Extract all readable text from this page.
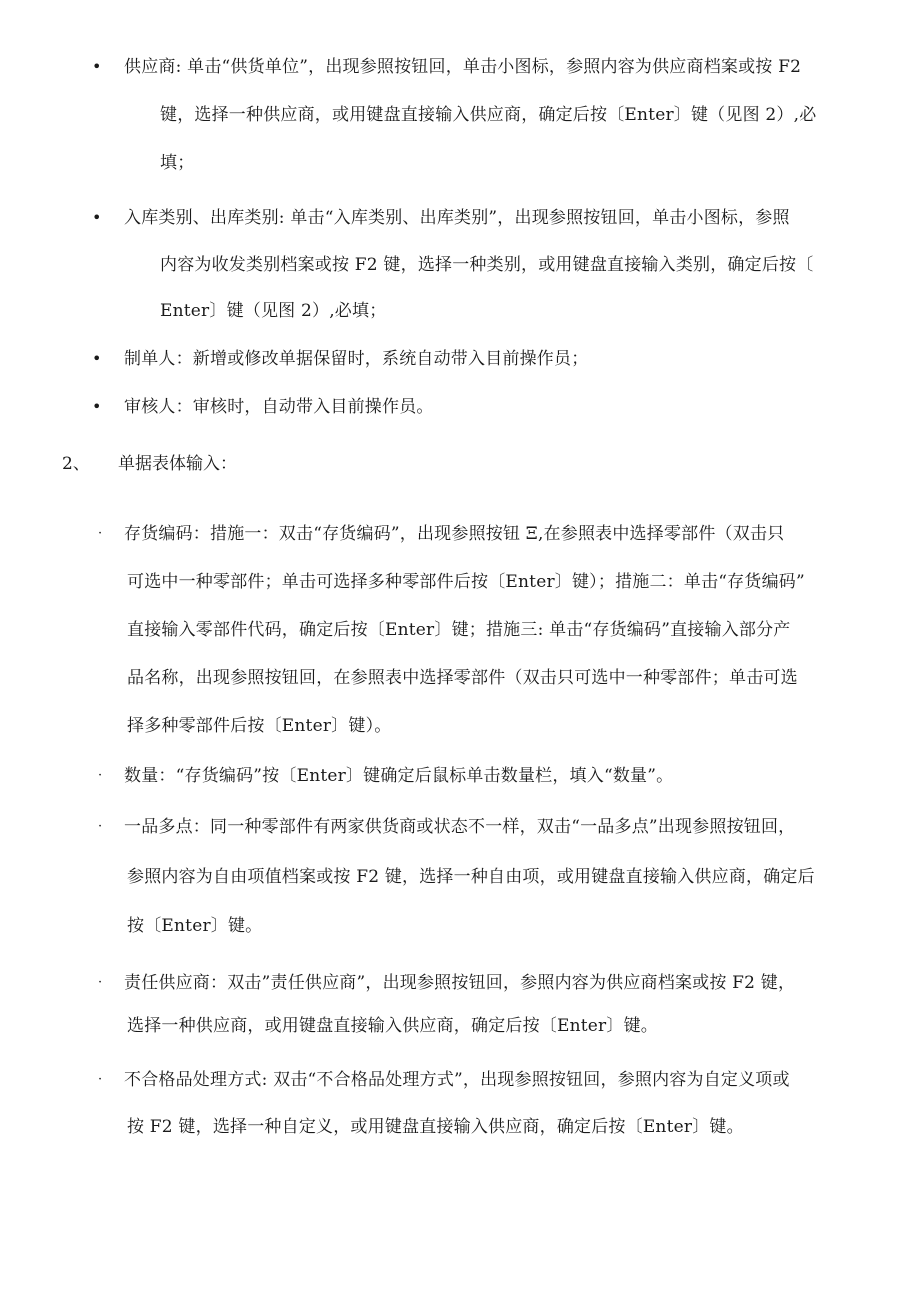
• 供应商: 单击“供货单位”，出现参照按钮回，单击小图标，参照内容为供应商档案或按 F2
键，选择一种供应商，或用键盘直接输入供应商，确定后按〔Enter〕键（见图 2）,必
填；
• 入库类别、出库类别: 单击“入库类别、出库类别”，出现参照按钮回，单击小图标，参照
内容为收发类别档案或按 F2 键，选择一种类别，或用键盘直接输入类别，确定后按〔
Enter〕键（见图 2）,必填；
• 制单人：新增或修改单据保留时，系统自动带入目前操作员；
• 审核人：审核时，自动带入目前操作员。
2、 单据表体输入：
· 存货编码：措施一：双击“存货编码”，出现参照按钮 Ξ,在参照表中选择零部件（双击只
可选中一种零部件；单击可选择多种零部件后按〔Enter〕键）；措施二：单击“存货编码”
直接输入零部件代码，确定后按〔Enter〕键；措施三: 单击“存货编码”直接输入部分产
品名称，出现参照按钮回，在参照表中选择零部件（双击只可选中一种零部件；单击可选
择多种零部件后按〔Enter〕键）。
· 数量：“存货编码”按〔Enter〕键确定后鼠标单击数量栏，填入“数量”。
· 一品多点：同一种零部件有两家供货商或状态不一样，双击“一品多点”出现参照按钮回，
参照内容为自由项值档案或按 F2 键，选择一种自由项，或用键盘直接输入供应商，确定后
按〔Enter〕键。
· 责任供应商：双击”责任供应商”，出现参照按钮回，参照内容为供应商档案或按 F2 键，
选择一种供应商，或用键盘直接输入供应商，确定后按〔Enter〕键。
· 不合格品处理方式: 双击“不合格品处理方式”，出现参照按钮回，参照内容为自定义项或
按 F2 键，选择一种自定义，或用键盘直接输入供应商，确定后按〔Enter〕键。
